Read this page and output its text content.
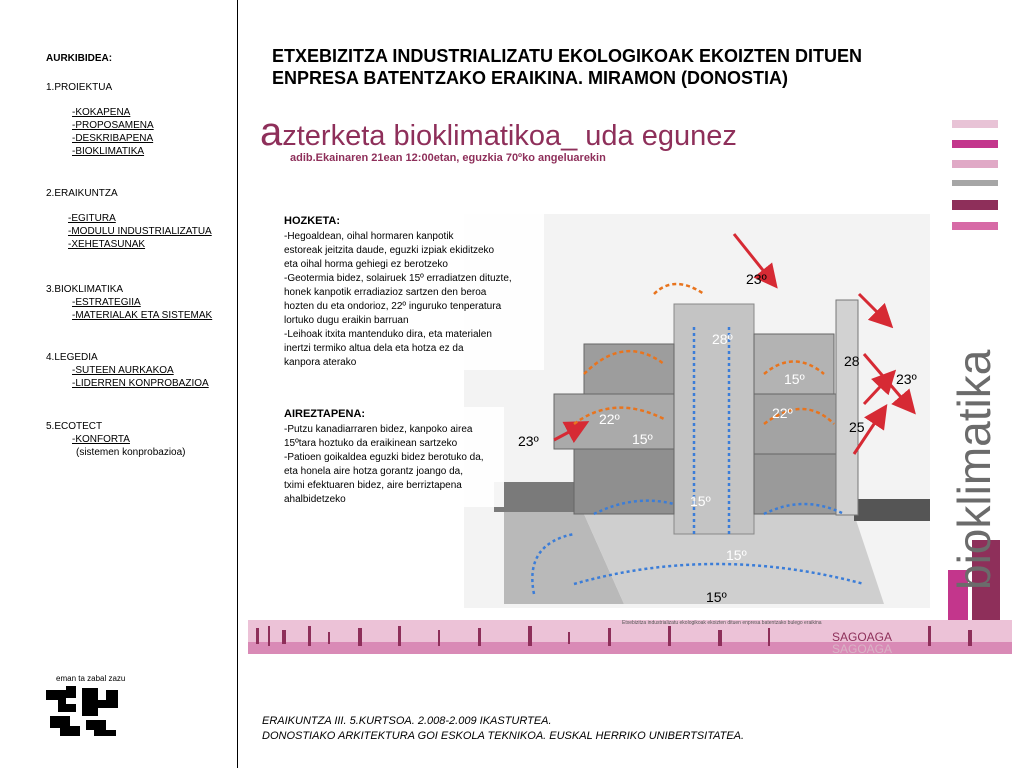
AURKIBIDEA:
1.PROIEKTUA
-KOKAPENA
-PROPOSAMENA
-DESKRIBAPENA
-BIOKLIMATIKA
2.ERAIKUNTZA
-EGITURA
-MODULU INDUSTRIALIZATUA
-XEHETASUNAK
3.BIOKLIMATIKA
-ESTRATEGIIA
-MATERIALAK ETA SISTEMAK
4.LEGEDIA
-SUTEEN AURKAKOA
-LIDERREN KONPROBAZIOA
5.ECOTECT
-KONFORTA
(sistemen konprobazioa)
eman ta zabal zazu
ETXEBIZITZA INDUSTRIALIZATU EKOLOGIKOAK EKOIZTEN DITUEN
ENPRESA BATENTZAKO ERAIKINA. MIRAMON (DONOSTIA)
azterketa bioklimatikoa_ uda egunez
adib.Ekainaren 21ean 12:00etan, eguzkia 70ºko angeluarekin
23º
28º
28
23º
15º
22º
15º
22º
25
23º
15º
15º
15º
HOZKETA:

-Hegoaldean, oihal hormaren kanpotik

estoreak jeitzita daude, eguzki izpiak ekiditzeko

eta oihal horma gehiegi ez berotzeko

-Geotermia bidez, solairuek 15º erradiatzen dituzte,

honek kanpotik erradiazioz sartzen den beroa

hozten du eta ondorioz, 22º inguruko tenperatura

lortuko dugu eraikin barruan

-Leihoak itxita mantenduko dira, eta materialen

inertzi termiko altua dela eta hotza ez da

kanpora aterako

AIREZTAPENA:

-Putzu kanadiarraren bidez, kanpoko airea

15ºtara hoztuko da eraikinean sartzeko

-Patioen goikaldea eguzki bidez berotuko da,

eta honela aire hotza gorantz joango da,

tximi efektuaren bidez, aire berriztapena

ahalbidetzeko	bioklimatika
Etxebizitza industrializatu ekologikoak ekoizten dituen enpresa batentzako bulego eraikina
SAGOAGA
SAGOAGA
ERAIKUNTZA III. 5.KURTSOA. 2.008-2.009 IKASTURTEA.
DONOSTIAKO ARKITEKTURA GOI ESKOLA TEKNIKOA. EUSKAL HERRIKO UNIBERTSITATEA.
